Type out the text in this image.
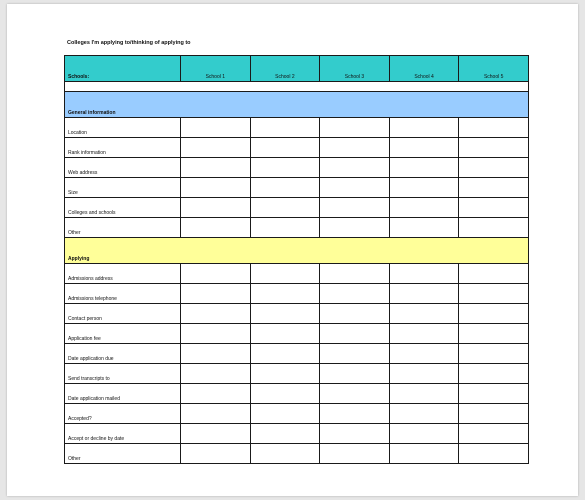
Colleges I'm applying to/thinking of applying to
Schools:	School 1	School 2	School 3	School 4	School 5

General information					
Location					
Rank information					
Web address					
Size					
Colleges and schools					
Other					
Applying					
Admissions address					
Admissions telephone					
Contact person					
Application fee					
Date application due					
Send transcripts to					
Date application mailed					
Accepted?					
Accept or decline by date					
Other					
